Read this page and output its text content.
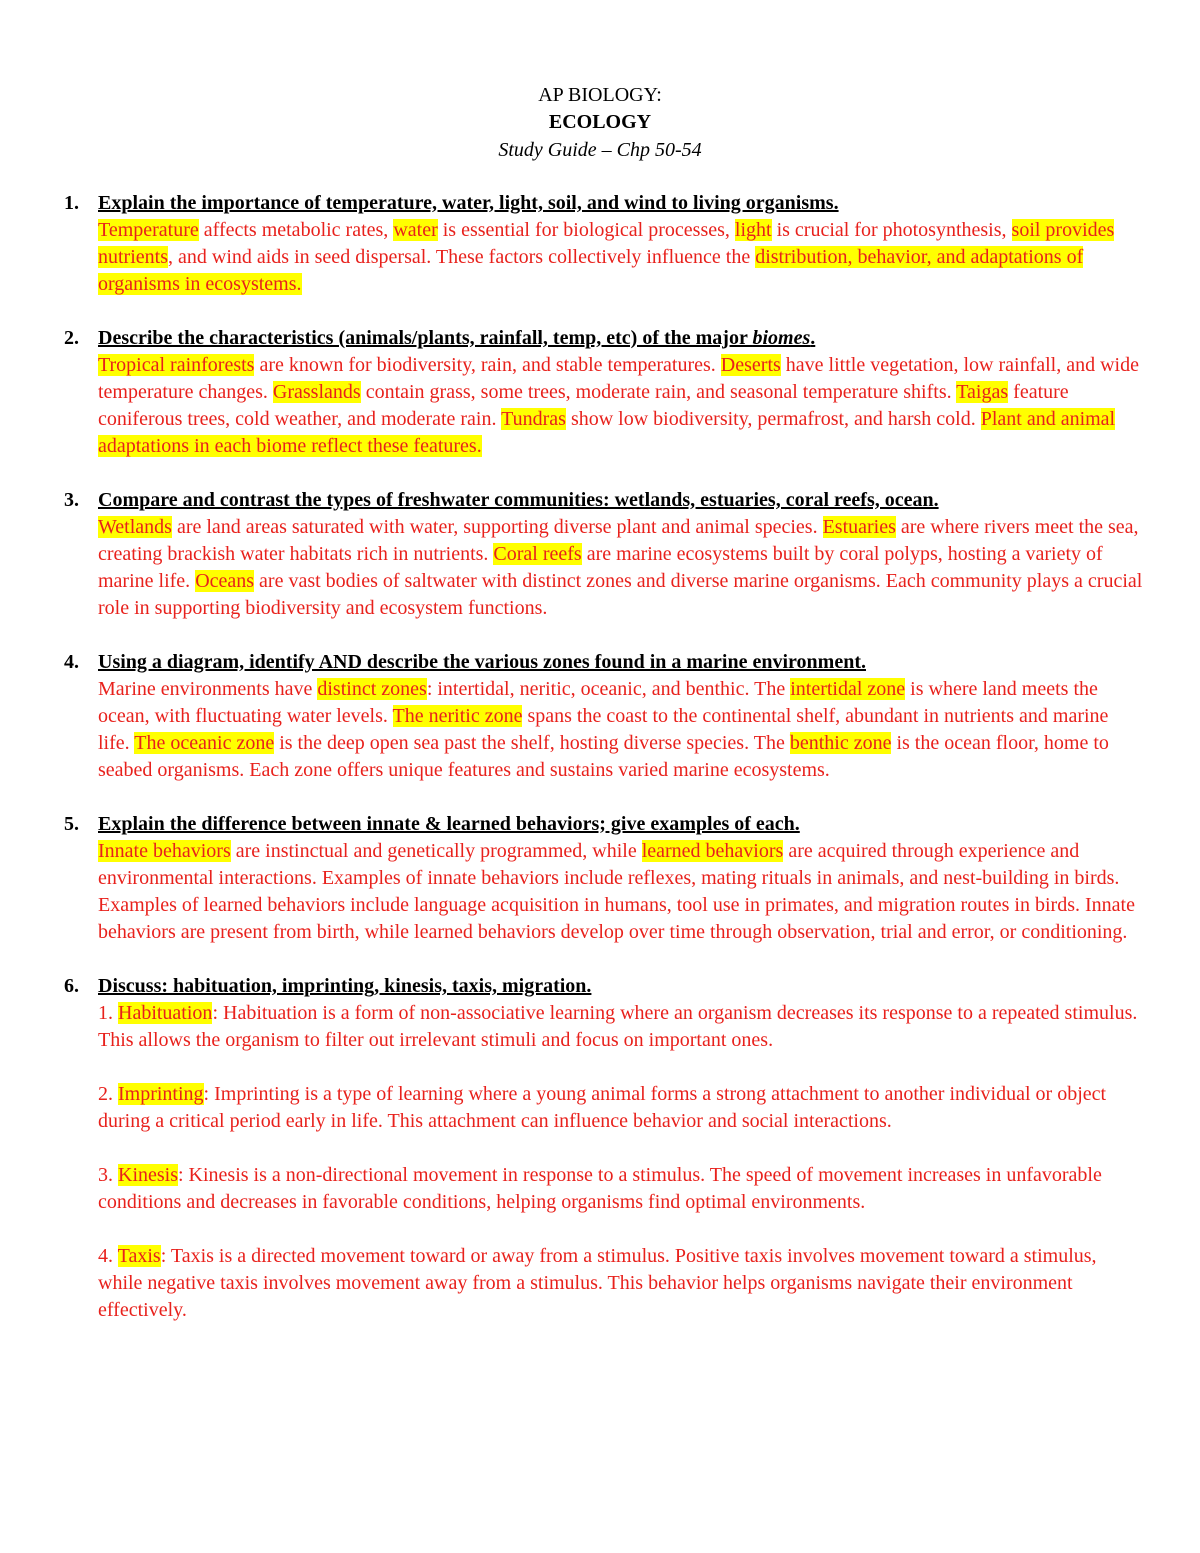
AP BIOLOGY:
ECOLOGY
Study Guide – Chp 50-54
1. Explain the importance of temperature, water, light, soil, and wind to living organisms.
Temperature affects metabolic rates, water is essential for biological processes, light is crucial for photosynthesis, soil provides nutrients, and wind aids in seed dispersal. These factors collectively influence the distribution, behavior, and adaptations of organisms in ecosystems.
2. Describe the characteristics (animals/plants, rainfall, temp, etc) of the major biomes.
Tropical rainforests are known for biodiversity, rain, and stable temperatures. Deserts have little vegetation, low rainfall, and wide temperature changes. Grasslands contain grass, some trees, moderate rain, and seasonal temperature shifts. Taigas feature coniferous trees, cold weather, and moderate rain. Tundras show low biodiversity, permafrost, and harsh cold. Plant and animal adaptations in each biome reflect these features.
3. Compare and contrast the types of freshwater communities: wetlands, estuaries, coral reefs, ocean.
Wetlands are land areas saturated with water, supporting diverse plant and animal species. Estuaries are where rivers meet the sea, creating brackish water habitats rich in nutrients. Coral reefs are marine ecosystems built by coral polyps, hosting a variety of marine life. Oceans are vast bodies of saltwater with distinct zones and diverse marine organisms. Each community plays a crucial role in supporting biodiversity and ecosystem functions.
4. Using a diagram, identify AND describe the various zones found in a marine environment.
Marine environments have distinct zones: intertidal, neritic, oceanic, and benthic. The intertidal zone is where land meets the ocean, with fluctuating water levels. The neritic zone spans the coast to the continental shelf, abundant in nutrients and marine life. The oceanic zone is the deep open sea past the shelf, hosting diverse species. The benthic zone is the ocean floor, home to seabed organisms. Each zone offers unique features and sustains varied marine ecosystems.
5. Explain the difference between innate & learned behaviors; give examples of each.
Innate behaviors are instinctual and genetically programmed, while learned behaviors are acquired through experience and environmental interactions. Examples of innate behaviors include reflexes, mating rituals in animals, and nest-building in birds. Examples of learned behaviors include language acquisition in humans, tool use in primates, and migration routes in birds. Innate behaviors are present from birth, while learned behaviors develop over time through observation, trial and error, or conditioning.
6. Discuss: habituation, imprinting, kinesis, taxis, migration.
1. Habituation: Habituation is a form of non-associative learning where an organism decreases its response to a repeated stimulus. This allows the organism to filter out irrelevant stimuli and focus on important ones.
2. Imprinting: Imprinting is a type of learning where a young animal forms a strong attachment to another individual or object during a critical period early in life. This attachment can influence behavior and social interactions.
3. Kinesis: Kinesis is a non-directional movement in response to a stimulus. The speed of movement increases in unfavorable conditions and decreases in favorable conditions, helping organisms find optimal environments.
4. Taxis: Taxis is a directed movement toward or away from a stimulus. Positive taxis involves movement toward a stimulus, while negative taxis involves movement away from a stimulus. This behavior helps organisms navigate their environment effectively.
